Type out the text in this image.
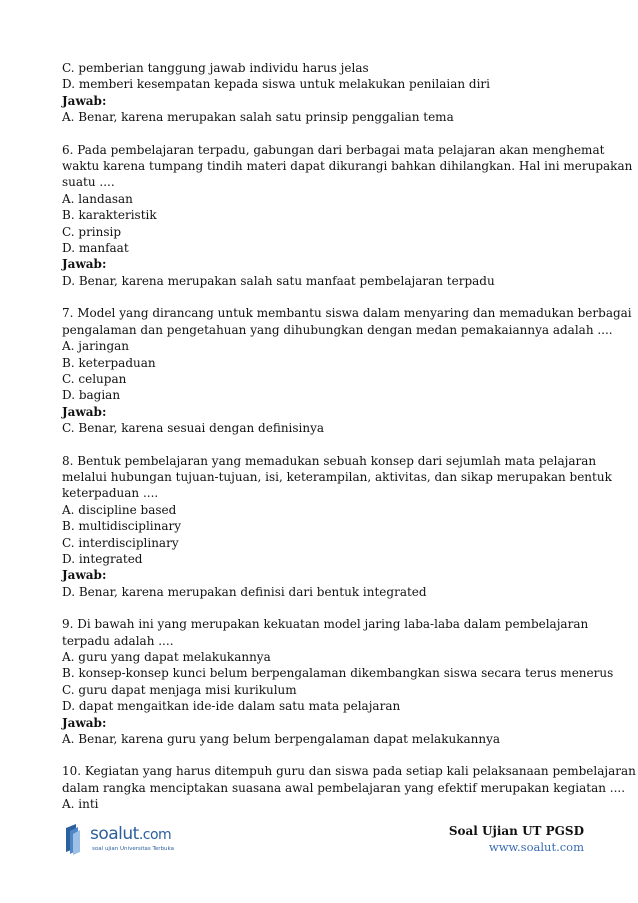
C. pemberian tanggung jawab individu harus jelas
D. memberi kesempatan kepada siswa untuk melakukan penilaian diri
Jawab:
A. Benar, karena merupakan salah satu prinsip penggalian tema
6. Pada pembelajaran terpadu, gabungan dari berbagai mata pelajaran akan menghemat
waktu karena tumpang tindih materi dapat dikurangi bahkan dihilangkan. Hal ini merupakan
suatu ....
A. landasan
B. karakteristik
C. prinsip
D. manfaat
Jawab:
D. Benar, karena merupakan salah satu manfaat pembelajaran terpadu
7. Model yang dirancang untuk membantu siswa dalam menyaring dan memadukan berbagai
pengalaman dan pengetahuan yang dihubungkan dengan medan pemakaiannya adalah ....
A. jaringan
B. keterpaduan
C. celupan
D. bagian
Jawab:
C. Benar, karena sesuai dengan definisinya
8. Bentuk pembelajaran yang memadukan sebuah konsep dari sejumlah mata pelajaran
melalui hubungan tujuan-tujuan, isi, keterampilan, aktivitas, dan sikap merupakan bentuk
keterpaduan ....
A. discipline based
B. multidisciplinary
C. interdisciplinary
D. integrated
Jawab:
D. Benar, karena merupakan definisi dari bentuk integrated
9. Di bawah ini yang merupakan kekuatan model jaring laba-laba dalam pembelajaran
terpadu adalah ....
A. guru yang dapat melakukannya
B. konsep-konsep kunci belum berpengalaman dikembangkan siswa secara terus menerus
C. guru dapat menjaga misi kurikulum
D. dapat mengaitkan ide-ide dalam satu mata pelajaran
Jawab:
A. Benar, karena guru yang belum berpengalaman dapat melakukannya
10. Kegiatan yang harus ditempuh guru dan siswa pada setiap kali pelaksanaan pembelajaran
dalam rangka menciptakan suasana awal pembelajaran yang efektif merupakan kegiatan ....
A. inti
soalut.com
soal ujian Universitas Terbuka
Soal Ujian UT PGSD
www.soalut.com
